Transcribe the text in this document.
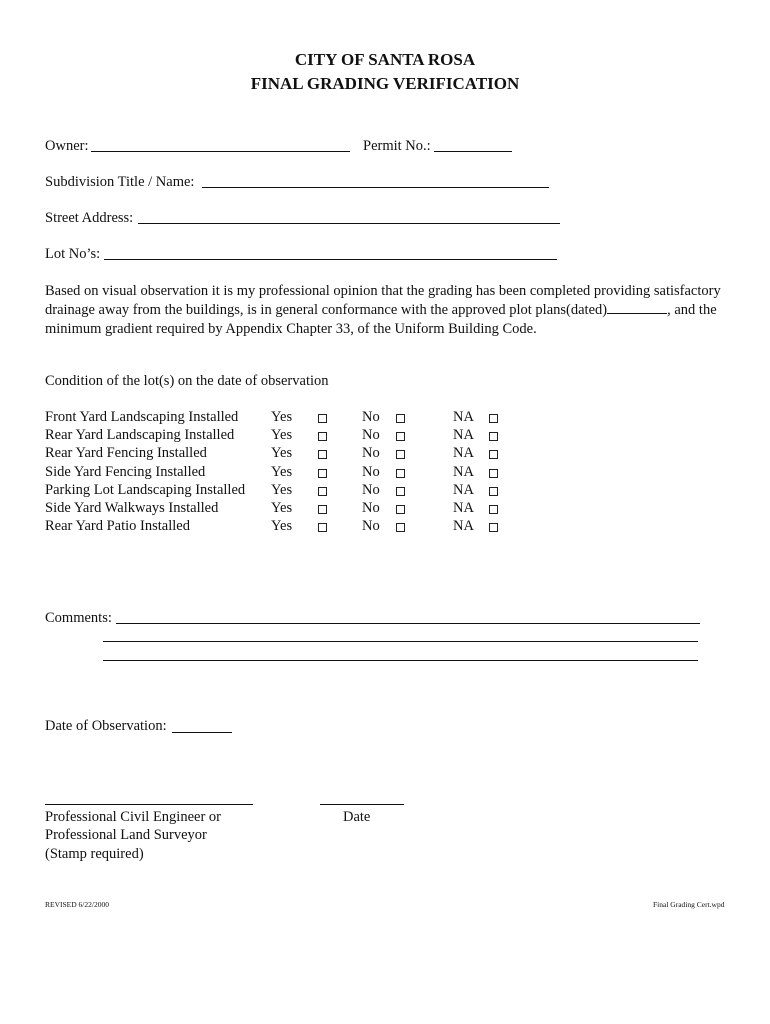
CITY OF SANTA ROSA
FINAL GRADING VERIFICATION
Owner:	Permit No.:
Subdivision Title / Name:
Street Address:
Lot No’s:
Based on visual observation it is my professional opinion that the grading has been completed providing satisfactory drainage away from the buildings, is in general conformance with the approved plot plans(dated)	, and the minimum gradient required by Appendix Chapter 33, of the Uniform Building Code.
Condition of the lot(s) on the date of observation
Front Yard Landscaping Installed Yes	No	NA
Rear Yard Landscaping Installed	Yes	No	NA
Rear Yard Fencing Installed	Yes	No	NA
Side Yard Fencing Installed	Yes	No	NA
Parking Lot Landscaping Installed Yes	No	NA
Side Yard Walkways Installed	Yes	No	NA
Rear Yard Patio Installed	Yes	No	NA
Comments:
Date of Observation:
Professional Civil Engineer or
Professional Land Surveyor
(Stamp required)
Date
REVISED 6/22/2000	Final Grading Cert.wpd
